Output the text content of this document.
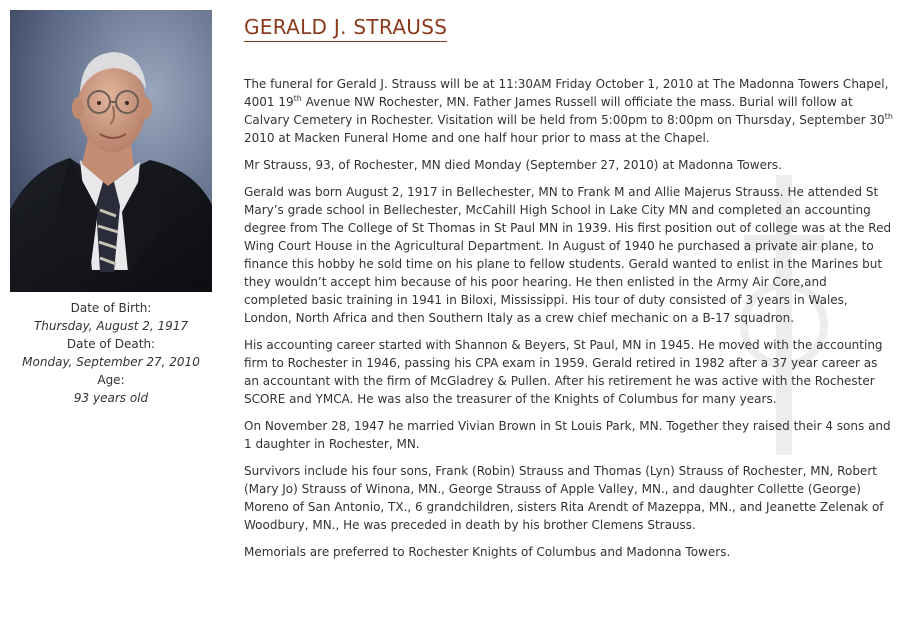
Date of Birth:
Thursday, August 2, 1917
Date of Death:
Monday, September 27, 2010
Age:
93 years old
GERALD J. STRAUSS

The funeral for Gerald J. Strauss will be at 11:30AM Friday October 1, 2010 at The Madonna Towers Chapel, 4001 19th Avenue NW Rochester, MN. Father James Russell will officiate the mass. Burial will follow at Calvary Cemetery in Rochester. Visitation will be held from 5:00pm to 8:00pm on Thursday, September 30th 2010 at Macken Funeral Home and one half hour prior to mass at the Chapel.

Mr Strauss, 93, of Rochester, MN died Monday (September 27, 2010) at Madonna Towers.

Gerald was born August 2, 1917 in Bellechester, MN to Frank M and Allie Majerus Strauss. He attended St Mary’s grade school in Bellechester, McCahill High School in Lake City MN and completed an accounting degree from The College of St Thomas in St Paul MN in 1939. His first position out of college was at the Red Wing Court House in the Agricultural Department. In August of 1940 he purchased a private air plane, to finance this hobby he sold time on his plane to fellow students. Gerald wanted to enlist in the Marines but they wouldn’t accept him because of his poor hearing. He then enlisted in the Army Air Core,and completed basic training in 1941 in Biloxi, Mississippi. His tour of duty consisted of 3 years in Wales, London, North Africa and then Southern Italy as a crew chief mechanic on a B-17 squadron.

His accounting career started with Shannon & Beyers, St Paul, MN in 1945. He moved with the accounting firm to Rochester in 1946, passing his CPA exam in 1959. Gerald retired in 1982 after a 37 year career as an accountant with the firm of McGladrey & Pullen. After his retirement he was active with the Rochester SCORE and YMCA. He was also the treasurer of the Knights of Columbus for many years.

On November 28, 1947 he married Vivian Brown in St Louis Park, MN. Together they raised their 4 sons and 1 daughter in Rochester, MN.

Survivors include his four sons, Frank (Robin) Strauss and Thomas (Lyn) Strauss of Rochester, MN, Robert (Mary Jo) Strauss of Winona, MN., George Strauss of Apple Valley, MN., and daughter Collette (George) Moreno of San Antonio, TX., 6 grandchildren, sisters Rita Arendt of Mazeppa, MN., and Jeanette Zelenak of Woodbury, MN., He was preceded in death by his brother Clemens Strauss.

Memorials are preferred to Rochester Knights of Columbus and Madonna Towers.
